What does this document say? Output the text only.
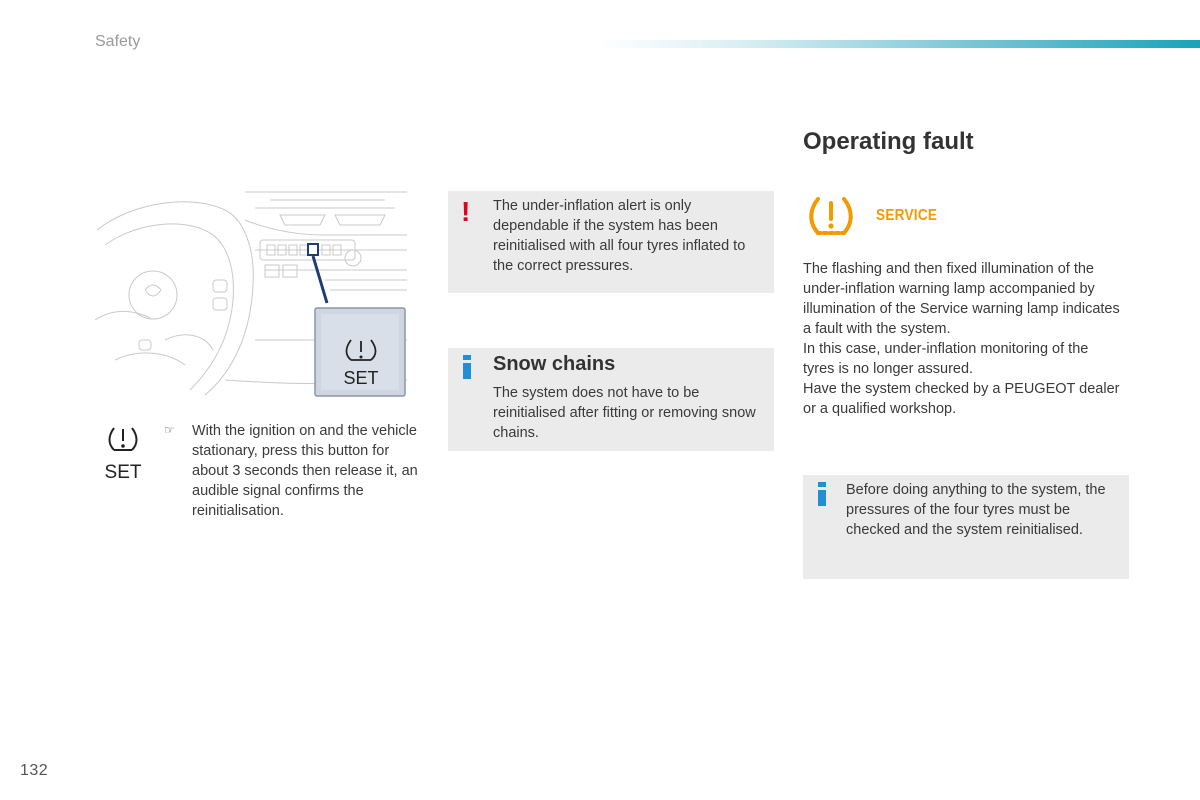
Safety
SET
SET
☞ With the ignition on and the vehicle stationary, press this button for about 3 seconds then release it, an audible signal confirms the reinitialisation.
! The under-inflation alert is only dependable if the system has been reinitialised with all four tyres inflated to the correct pressures.
Snow chains
The system does not have to be reinitialised after fitting or removing snow chains.
Operating fault
SERVICE
The flashing and then fixed illumination of the under-inflation warning lamp accompanied by illumination of the Service warning lamp indicates a fault with the system.
In this case, under-inflation monitoring of the tyres is no longer assured.
Have the system checked by a PEUGEOT dealer or a qualified workshop.
Before doing anything to the system, the pressures of the four tyres must be checked and the system reinitialised.
132
